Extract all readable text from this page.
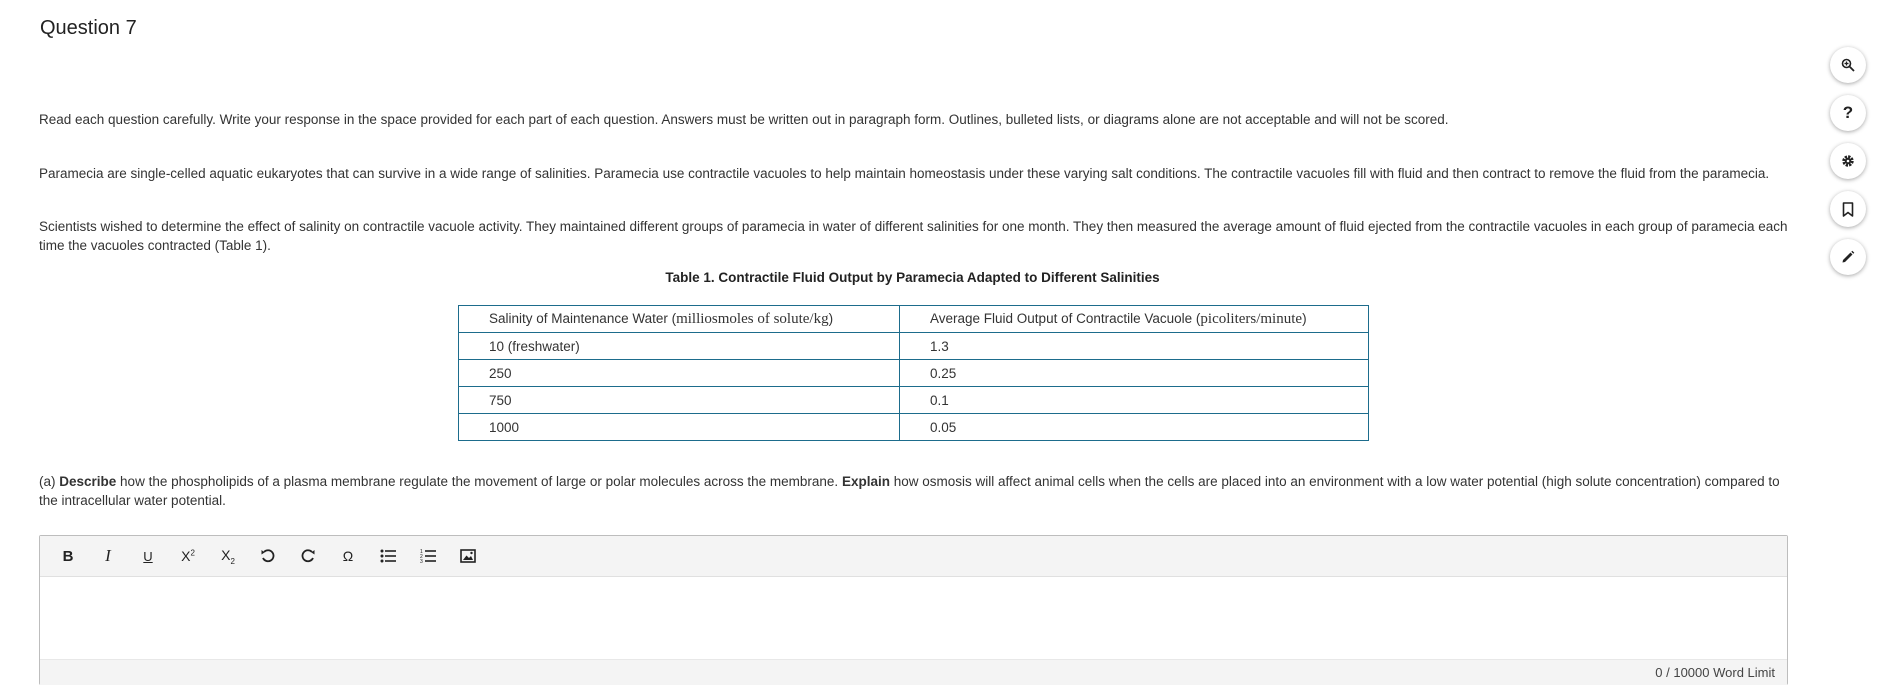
Question 7

Read each question carefully. Write your response in the space provided for each part of each question. Answers must be written out in paragraph form. Outlines, bulleted lists, or diagrams alone are not acceptable and will not be scored.

Paramecia are single-celled aquatic eukaryotes that can survive in a wide range of salinities. Paramecia use contractile vacuoles to help maintain homeostasis under these varying salt conditions. The contractile vacuoles fill with fluid and then contract to remove the fluid from the paramecia.

Scientists wished to determine the effect of salinity on contractile vacuole activity. They maintained different groups of paramecia in water of different salinities for one month. They then measured the average amount of fluid ejected from the contractile vacuoles in each group of paramecia each time the vacuoles contracted (Table 1).

Table 1. Contractile Fluid Output by Paramecia Adapted to Different Salinities
Salinity of Maintenance Water (milliosmoles of solute/kg)	Average Fluid Output of Contractile Vacuole (picoliters/minute)
10 (freshwater)	1.3
250	0.25
750	0.1
1000	0.05

(a) Describe how the phospholipids of a plasma membrane regulate the movement of large or polar molecules across the membrane. Explain how osmosis will affect animal cells when the cells are placed into an environment with a low water potential (high solute concentration) compared to the intracellular water potential.

B I U $X^2$ $X_2$	Ω	1
2
3
0 / 10000 Word Limit
?
